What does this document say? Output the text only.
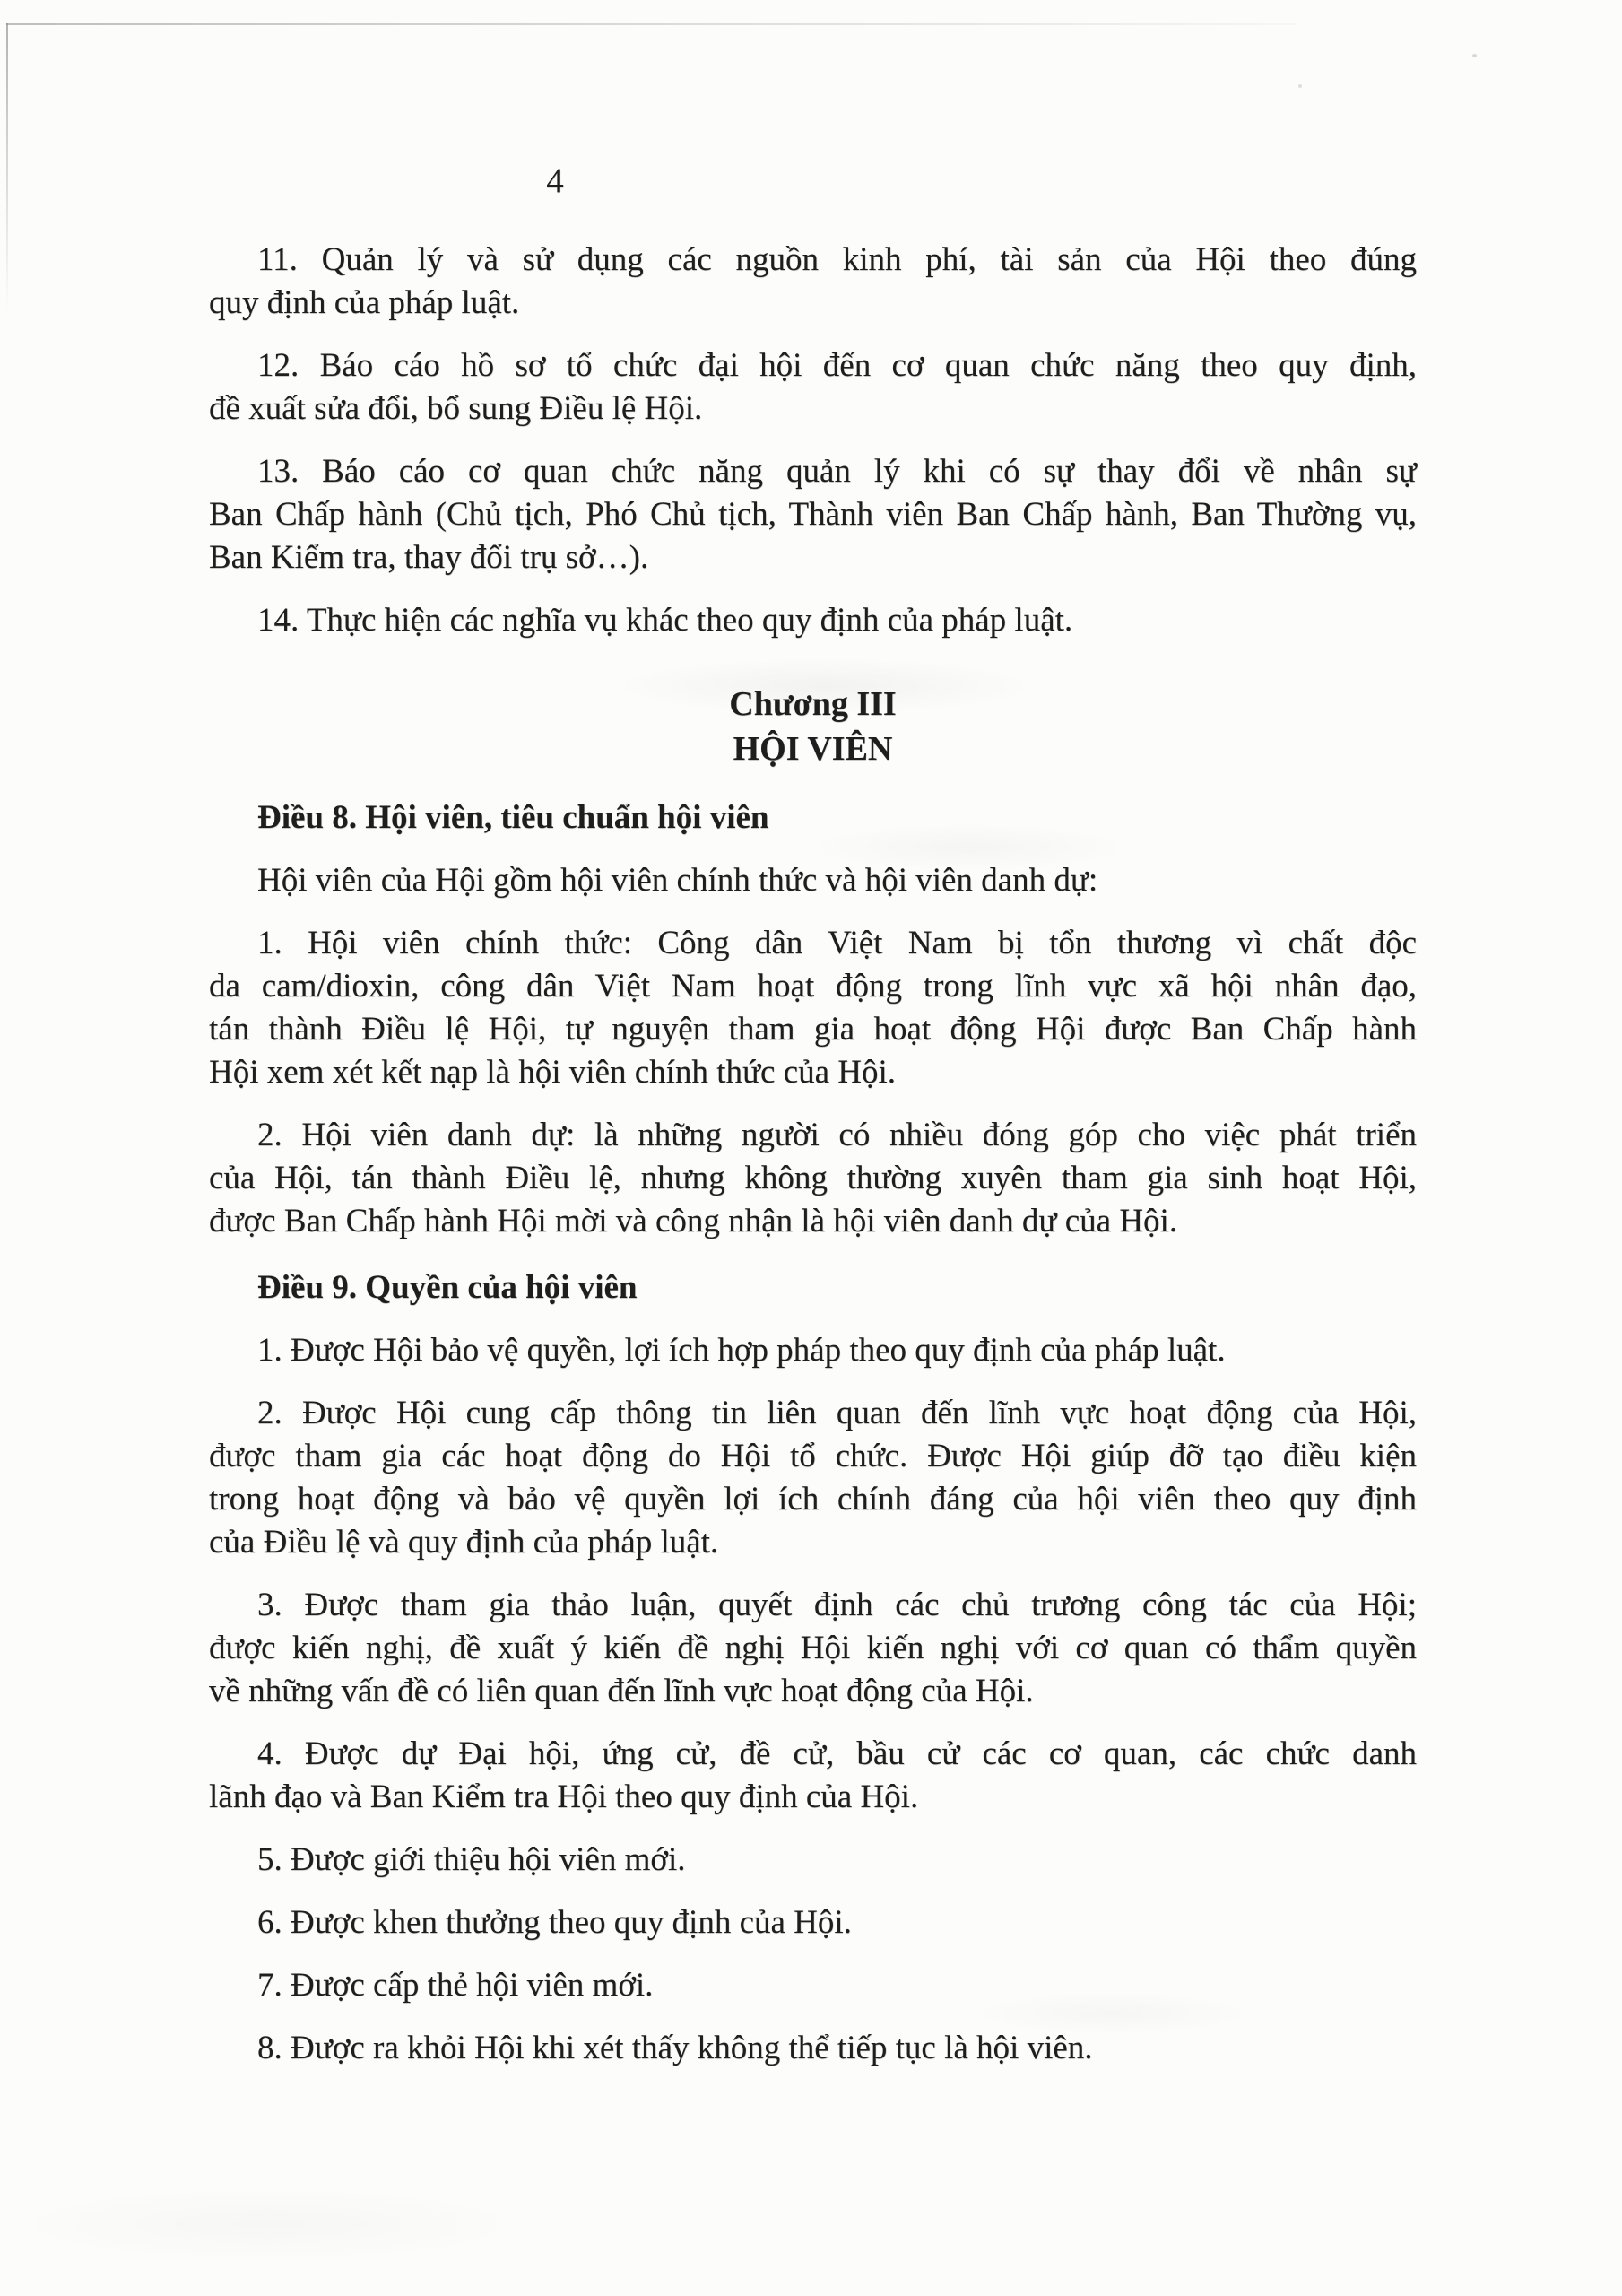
4
11. Quản lý và sử dụng các nguồn kinh phí, tài sản của Hội theo đúng
quy định của pháp luật.
12. Báo cáo hồ sơ tổ chức đại hội đến cơ quan chức năng theo quy định,
đề xuất sửa đổi, bổ sung Điều lệ Hội.
13. Báo cáo cơ quan chức năng quản lý khi có sự thay đổi về nhân sự
Ban Chấp hành (Chủ tịch, Phó Chủ tịch, Thành viên Ban Chấp hành, Ban Thường vụ,
Ban Kiểm tra, thay đổi trụ sở…).
14. Thực hiện các nghĩa vụ khác theo quy định của pháp luật.
Chương III
HỘI VIÊN
Điều 8. Hội viên, tiêu chuẩn hội viên
Hội viên của Hội gồm hội viên chính thức và hội viên danh dự:
1. Hội viên chính thức: Công dân Việt Nam bị tổn thương vì chất độc
da cam/dioxin, công dân Việt Nam hoạt động trong lĩnh vực xã hội nhân đạo,
tán thành Điều lệ Hội, tự nguyện tham gia hoạt động Hội được Ban Chấp hành
Hội xem xét kết nạp là hội viên chính thức của Hội.
2. Hội viên danh dự: là những người có nhiều đóng góp cho việc phát triển
của Hội, tán thành Điều lệ, nhưng không thường xuyên tham gia sinh hoạt Hội,
được Ban Chấp hành Hội mời và công nhận là hội viên danh dự của Hội.
Điều 9. Quyền của hội viên
1. Được Hội bảo vệ quyền, lợi ích hợp pháp theo quy định của pháp luật.
2. Được Hội cung cấp thông tin liên quan đến lĩnh vực hoạt động của Hội,
được tham gia các hoạt động do Hội tổ chức. Được Hội giúp đỡ tạo điều kiện
trong hoạt động và bảo vệ quyền lợi ích chính đáng của hội viên theo quy định
của Điều lệ và quy định của pháp luật.
3. Được tham gia thảo luận, quyết định các chủ trương công tác của Hội;
được kiến nghị, đề xuất ý kiến đề nghị Hội kiến nghị với cơ quan có thẩm quyền
về những vấn đề có liên quan đến lĩnh vực hoạt động của Hội.
4. Được dự Đại hội, ứng cử, đề cử, bầu cử các cơ quan, các chức danh
lãnh đạo và Ban Kiểm tra Hội theo quy định của Hội.
5. Được giới thiệu hội viên mới.
6. Được khen thưởng theo quy định của Hội.
7. Được cấp thẻ hội viên mới.
8. Được ra khỏi Hội khi xét thấy không thể tiếp tục là hội viên.
